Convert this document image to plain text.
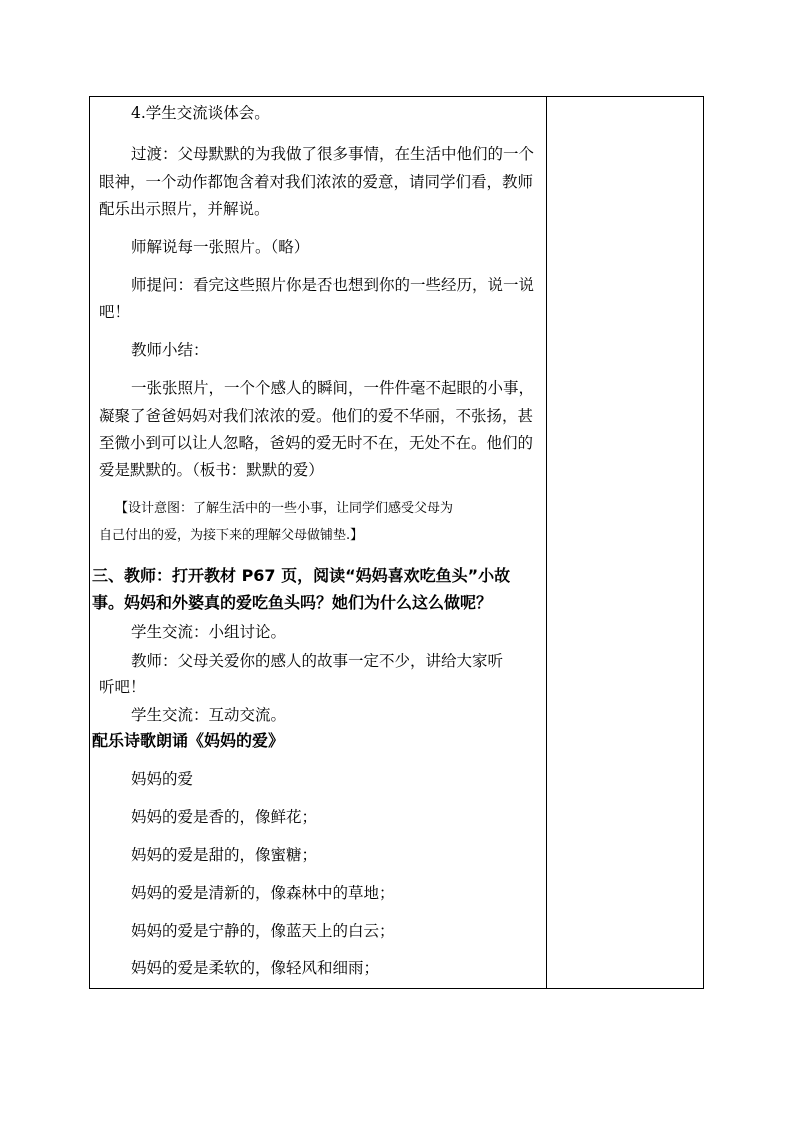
4.学生交流谈体会。
过渡：父母默默的为我做了很多事情，在生活中他们的一个
眼神，一个动作都饱含着对我们浓浓的爱意，请同学们看，教师
配乐出示照片，并解说。
师解说每一张照片。（略）
师提问：看完这些照片你是否也想到你的一些经历，说一说
吧！
教师小结：
一张张照片，一个个感人的瞬间，一件件毫不起眼的小事，
凝聚了爸爸妈妈对我们浓浓的爱。他们的爱不华丽，不张扬，甚
至微小到可以让人忽略，爸妈的爱无时不在，无处不在。他们的
爱是默默的。（板书：默默的爱）
【设计意图：了解生活中的一些小事，让同学们感受父母为
自己付出的爱，为接下来的理解父母做铺垫.】
三、教师：打开教材 P67 页，阅读“妈妈喜欢吃鱼头”小故
事。妈妈和外婆真的爱吃鱼头吗？她们为什么这么做呢？
学生交流：小组讨论。
教师：父母关爱你的感人的故事一定不少，讲给大家听
听吧！
学生交流：互动交流。
配乐诗歌朗诵《妈妈的爱》
妈妈的爱
妈妈的爱是香的，像鲜花；
妈妈的爱是甜的，像蜜糖；
妈妈的爱是清新的，像森林中的草地；
妈妈的爱是宁静的，像蓝天上的白云；
妈妈的爱是柔软的，像轻风和细雨；
